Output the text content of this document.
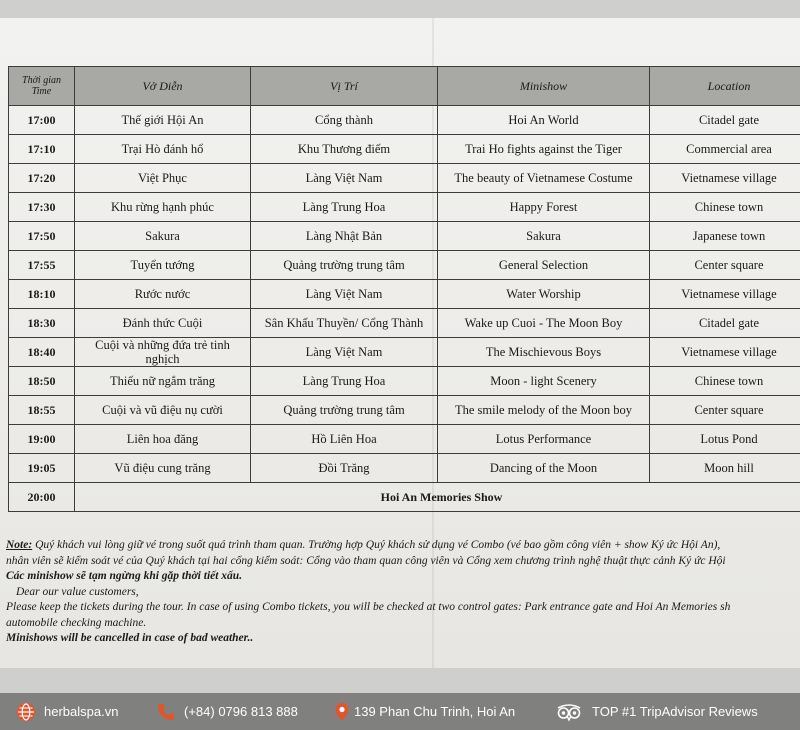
Thời gian
Time	Vở Diễn	Vị Trí	Minishow	Location
17:00	Thế giới Hội An	Cổng thành	Hoi An World	Citadel gate
17:10	Trại Hò đánh hổ	Khu Thương điếm	Trai Ho fights against the Tiger	Commercial area
17:20	Việt Phục	Làng Việt Nam	The beauty of Vietnamese Costume	Vietnamese village
17:30	Khu rừng hạnh phúc	Làng Trung Hoa	Happy Forest	Chinese town
17:50	Sakura	Làng Nhật Bản	Sakura	Japanese town
17:55	Tuyển tướng	Quảng trường trung tâm	General Selection	Center square
18:10	Rước nước	Làng Việt Nam	Water Worship	Vietnamese village
18:30	Đánh thức Cuội	Sân Khấu Thuyền/ Cổng Thành	Wake up Cuoi - The Moon Boy	Citadel gate
18:40	Cuội và những đứa trẻ tinh nghịch	Làng Việt Nam	The Mischievous Boys	Vietnamese village
18:50	Thiếu nữ ngắm trăng	Làng Trung Hoa	Moon - light Scenery	Chinese town
18:55	Cuội và vũ điệu nụ cười	Quảng trường trung tâm	The smile melody of the Moon boy	Center square
19:00	Liên hoa đăng	Hồ Liên Hoa	Lotus Performance	Lotus Pond
19:05	Vũ điệu cung trăng	Đồi Trăng	Dancing of the Moon	Moon hill
20:00	Hoi An Memories Show			
Note: Quý khách vui lòng giữ vé trong suốt quá trình tham quan. Trường hợp Quý khách sử dụng vé Combo (vé bao gồm công viên + show Ký ức Hội An),
nhân viên sẽ kiểm soát vé của Quý khách tại hai cổng kiểm soát: Cổng vào tham quan công viên và Cổng xem chương trình nghệ thuật thực cảnh Ký ức Hội
Các minishow sẽ tạm ngừng khi gặp thời tiết xấu.
Dear our value customers,
Please keep the tickets during the tour. In case of using Combo tickets, you will be checked at two control gates: Park entrance gate and Hoi An Memories sh
automobile checking machine.
Minishows will be cancelled in case of bad weather..
herbalspa.vn	(+84) 0796 813 888	139 Phan Chu Trinh, Hoi An	TOP #1 TripAdvisor Reviews
